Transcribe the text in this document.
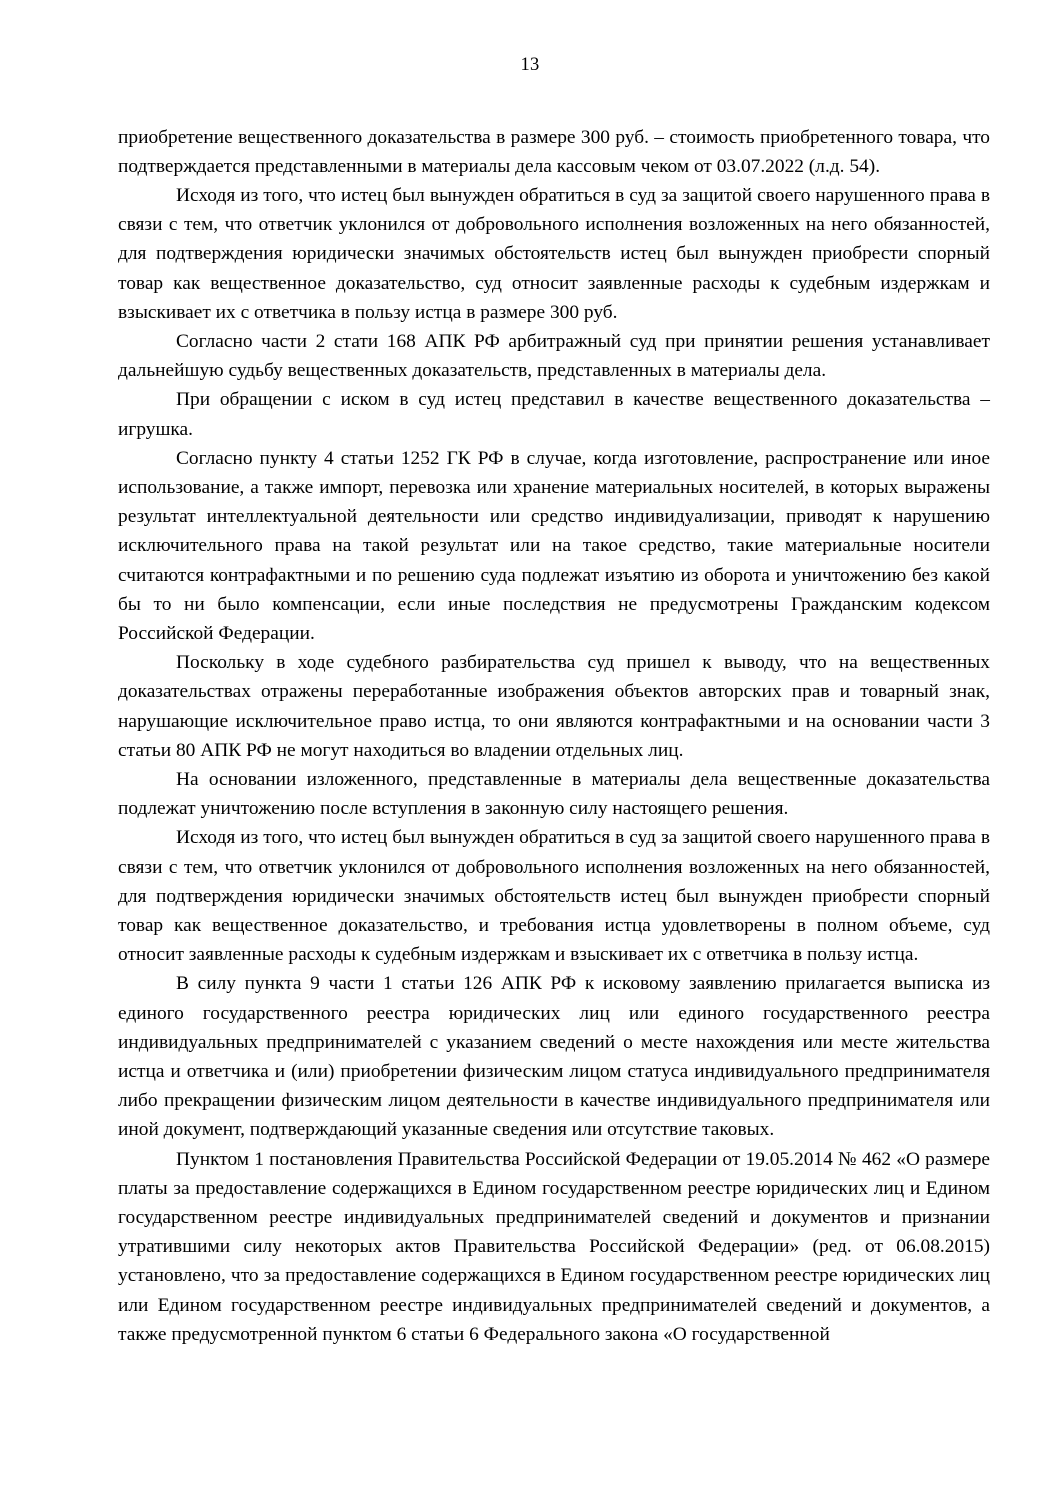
13

приобретение вещественного доказательства в размере 300 руб. – стоимость приобретенного товара, что подтверждается представленными в материалы дела кассовым чеком от 03.07.2022 (л.д. 54).

Исходя из того, что истец был вынужден обратиться в суд за защитой своего нарушенного права в связи с тем, что ответчик уклонился от добровольного исполнения возложенных на него обязанностей, для подтверждения юридически значимых обстоятельств истец был вынужден приобрести спорный товар как вещественное доказательство, суд относит заявленные расходы к судебным издержкам и взыскивает их с ответчика в пользу истца в размере 300 руб.

Согласно части 2 стати 168 АПК РФ арбитражный суд при принятии решения устанавливает дальнейшую судьбу вещественных доказательств, представленных в материалы дела.

При обращении с иском в суд истец представил в качестве вещественного доказательства – игрушка.

Согласно пункту 4 статьи 1252 ГК РФ в случае, когда изготовление, распространение или иное использование, а также импорт, перевозка или хранение материальных носителей, в которых выражены результат интеллектуальной деятельности или средство индивидуализации, приводят к нарушению исключительного права на такой результат или на такое средство, такие материальные носители считаются контрафактными и по решению суда подлежат изъятию из оборота и уничтожению без какой бы то ни было компенсации, если иные последствия не предусмотрены Гражданским кодексом Российской Федерации.

Поскольку в ходе судебного разбирательства суд пришел к выводу, что на вещественных доказательствах отражены переработанные изображения объектов авторских прав и товарный знак, нарушающие исключительное право истца, то они являются контрафактными и на основании части 3 статьи 80 АПК РФ не могут находиться во владении отдельных лиц.

На основании изложенного, представленные в материалы дела вещественные доказательства подлежат уничтожению после вступления в законную силу настоящего решения.

Исходя из того, что истец был вынужден обратиться в суд за защитой своего нарушенного права в связи с тем, что ответчик уклонился от добровольного исполнения возложенных на него обязанностей, для подтверждения юридически значимых обстоятельств истец был вынужден приобрести спорный товар как вещественное доказательство, и требования истца удовлетворены в полном объеме, суд относит заявленные расходы к судебным издержкам и взыскивает их с ответчика в пользу истца.

В силу пункта 9 части 1 статьи 126 АПК РФ к исковому заявлению прилагается выписка из единого государственного реестра юридических лиц или единого государственного реестра индивидуальных предпринимателей с указанием сведений о месте нахождения или месте жительства истца и ответчика и (или) приобретении физическим лицом статуса индивидуального предпринимателя либо прекращении физическим лицом деятельности в качестве индивидуального предпринимателя или иной документ, подтверждающий указанные сведения или отсутствие таковых.

Пунктом 1 постановления Правительства Российской Федерации от 19.05.2014 № 462 «О размере платы за предоставление содержащихся в Едином государственном реестре юридических лиц и Едином государственном реестре индивидуальных предпринимателей сведений и документов и признании утратившими силу некоторых актов Правительства Российской Федерации» (ред. от 06.08.2015) установлено, что за предоставление содержащихся в Едином государственном реестре юридических лиц или Едином государственном реестре индивидуальных предпринимателей сведений и документов, а также предусмотренной пунктом 6 статьи 6 Федерального закона «О государственной
